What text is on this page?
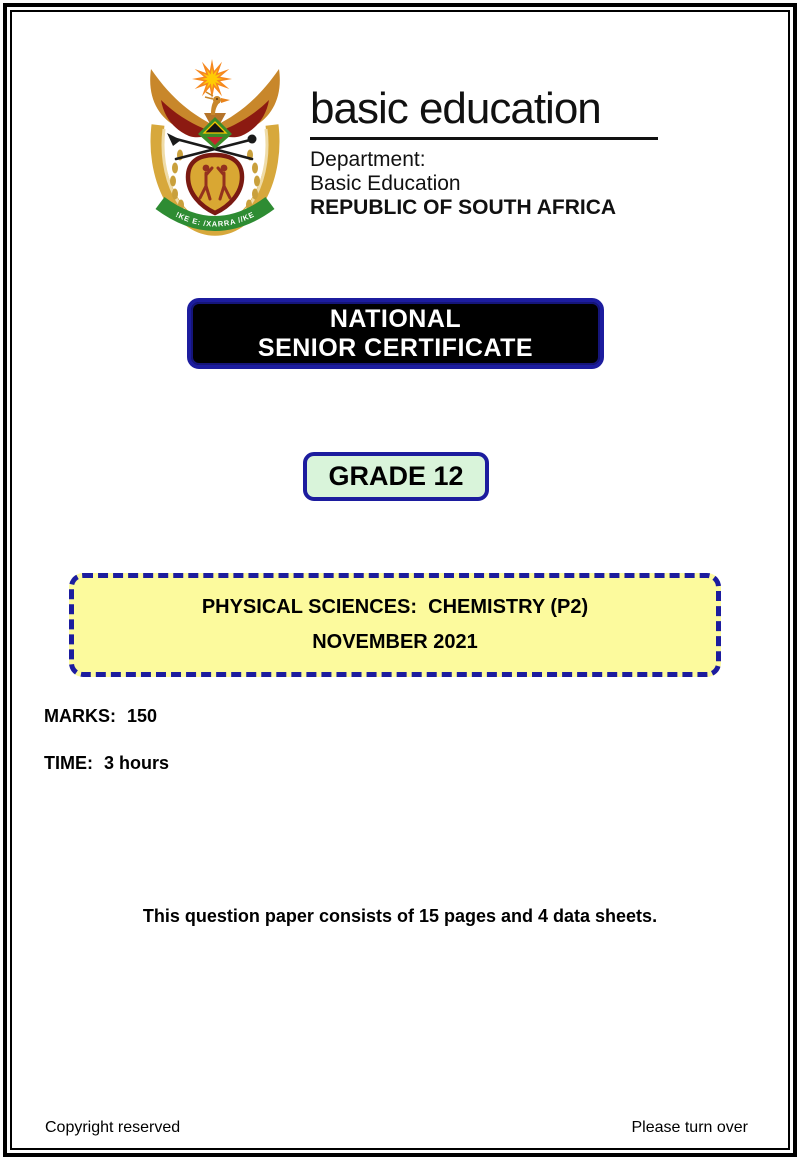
!KE E: /XARRA //KE
basic education
Department:
Basic Education
REPUBLIC OF SOUTH AFRICA
NATIONAL
SENIOR CERTIFICATE
GRADE 12
PHYSICAL SCIENCES:  CHEMISTRY (P2)
NOVEMBER 2021
MARKS: 150
TIME: 3 hours
This question paper consists of 15 pages and 4 data sheets.
Copyright reserved	Please turn over
